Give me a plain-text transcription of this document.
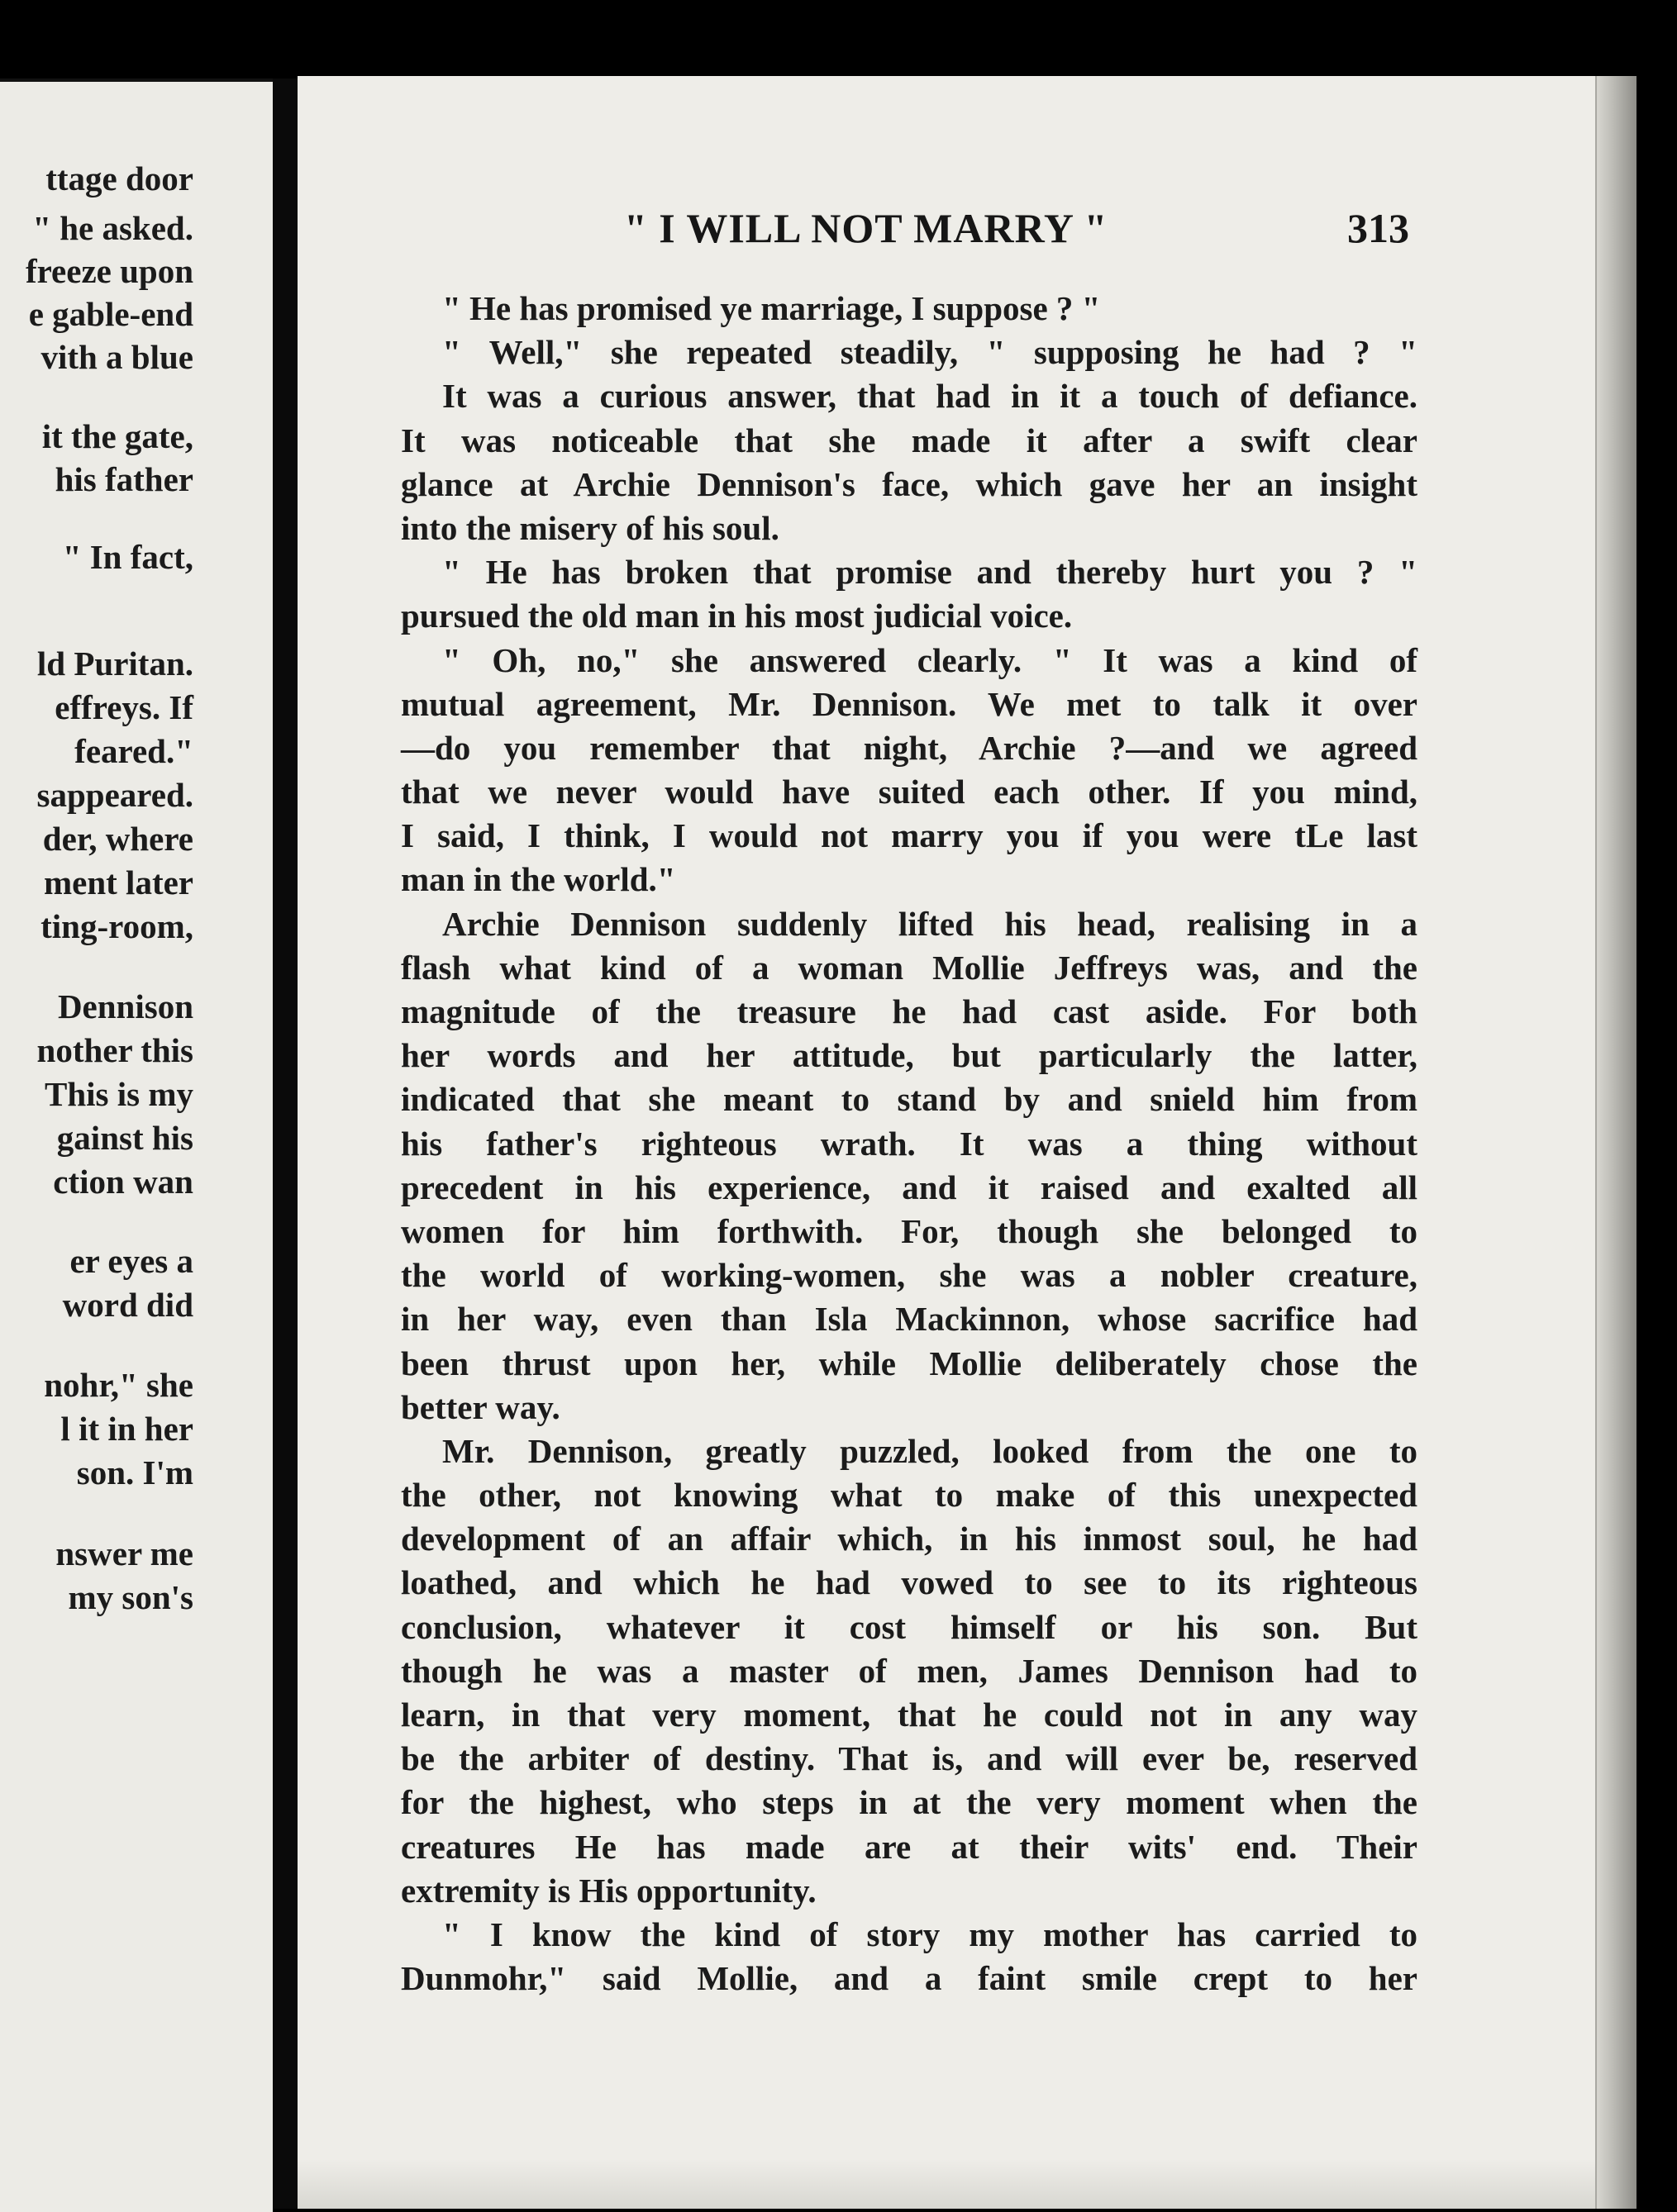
ttage door
" he asked.
freeze upon
e gable-end
vith a blue
it the gate,
his father
" In fact,
ld Puritan.
effreys. If
feared."
sappeared.
der, where
ment later
ting-room,
Dennison
nother this
This is my
gainst his
ction wan
er eyes a
word did
nohr," she
l it in her
son. I'm
nswer me
my son's
" I WILL NOT MARRY "	313
" He has promised ye marriage, I suppose ? "
" Well," she repeated steadily, " supposing he had ? "
It was a curious answer, that had in it a touch of defiance.
It was noticeable that she made it after a swift clear
glance at Archie Dennison's face, which gave her an insight
into the misery of his soul.
" He has broken that promise and thereby hurt you ? "
pursued the old man in his most judicial voice.
" Oh, no," she answered clearly. " It was a kind of
mutual agreement, Mr. Dennison. We met to talk it over
—do you remember that night, Archie ?—and we agreed
that we never would have suited each other. If you mind,
I said, I think, I would not marry you if you were tLe last
man in the world."
Archie Dennison suddenly lifted his head, realising in a
flash what kind of a woman Mollie Jeffreys was, and the
magnitude of the treasure he had cast aside. For both
her words and her attitude, but particularly the latter,
indicated that she meant to stand by and snield him from
his father's righteous wrath. It was a thing without
precedent in his experience, and it raised and exalted all
women for him forthwith. For, though she belonged to
the world of working-women, she was a nobler creature,
in her way, even than Isla Mackinnon, whose sacrifice had
been thrust upon her, while Mollie deliberately chose the
better way.
Mr. Dennison, greatly puzzled, looked from the one to
the other, not knowing what to make of this unexpected
development of an affair which, in his inmost soul, he had
loathed, and which he had vowed to see to its righteous
conclusion, whatever it cost himself or his son. But
though he was a master of men, James Dennison had to
learn, in that very moment, that he could not in any way
be the arbiter of destiny. That is, and will ever be, reserved
for the highest, who steps in at the very moment when the
creatures He has made are at their wits' end. Their
extremity is His opportunity.
" I know the kind of story my mother has carried to
Dunmohr," said Mollie, and a faint smile crept to her
